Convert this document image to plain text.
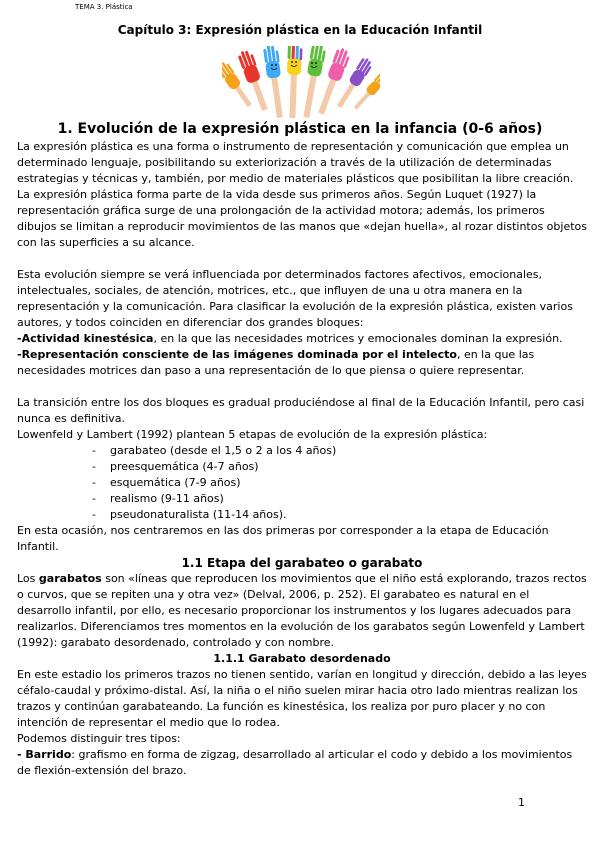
TEMA 3. Plástica
Capítulo 3: Expresión plástica en la Educación Infantil
1. Evolución de la expresión plástica en la infancia (0-6 años)

La expresión plástica es una forma o instrumento de representación y comunicación que emplea un determinado lenguaje, posibilitando su exteriorización a través de la utilización de determinadas estrategias y técnicas y, también, por medio de materiales plásticos que posibilitan la libre creación. La expresión plástica forma parte de la vida desde sus primeros años. Según Luquet (1927) la representación gráfica surge de una prolongación de la actividad motora; además, los primeros dibujos se limitan a reproducir movimientos de las manos que «dejan huella», al rozar distintos objetos con las superficies a su alcance.

Esta evolución siempre se verá influenciada por determinados factores afectivos, emocionales, intelectuales, sociales, de atención, motrices, etc., que influyen de una u otra manera en la representación y la comunicación. Para clasificar la evolución de la expresión plástica, existen varios autores, y todos coinciden en diferenciar dos grandes bloques:

-Actividad kinestésica, en la que las necesidades motrices y emocionales dominan la expresión.

-Representación consciente de las imágenes dominada por el intelecto, en la que las necesidades motrices dan paso a una representación de lo que piensa o quiere representar.

La transición entre los dos bloques es gradual produciéndose al final de la Educación Infantil, pero casi nunca es definitiva.

Lowenfeld y Lambert (1992) plantean 5 etapas de evolución de la expresión plástica:

- garabateo (desde el 1,5 o 2 a los 4 años)
- preesquemática (4-7 años)
- esquemática (7-9 años)
- realismo (9-11 años)
- pseudonaturalista (11-14 años).

En esta ocasión, nos centraremos en las dos primeras por corresponder a la etapa de Educación Infantil.

1.1 Etapa del garabateo o garabato

Los garabatos son «líneas que reproducen los movimientos que el niño está explorando, trazos rectos o curvos, que se repiten una y otra vez» (Delval, 2006, p. 252). El garabateo es natural en el desarrollo infantil, por ello, es necesario proporcionar los instrumentos y los lugares adecuados para realizarlos. Diferenciamos tres momentos en la evolución de los garabatos según Lowenfeld y Lambert (1992): garabato desordenado, controlado y con nombre.

1.1.1 Garabato desordenado

En este estadio los primeros trazos no tienen sentido, varían en longitud y dirección, debido a las leyes céfalo-caudal y próximo-distal. Así, la niña o el niño suelen mirar hacia otro lado mientras realizan los trazos y continúan garabateando. La función es kinestésica, los realiza por puro placer y no con intención de representar el medio que lo rodea.

Podemos distinguir tres tipos:

- Barrido: grafismo en forma de zigzag, desarrollado al articular el codo y debido a los movimientos de flexión-extensión del brazo.

1
